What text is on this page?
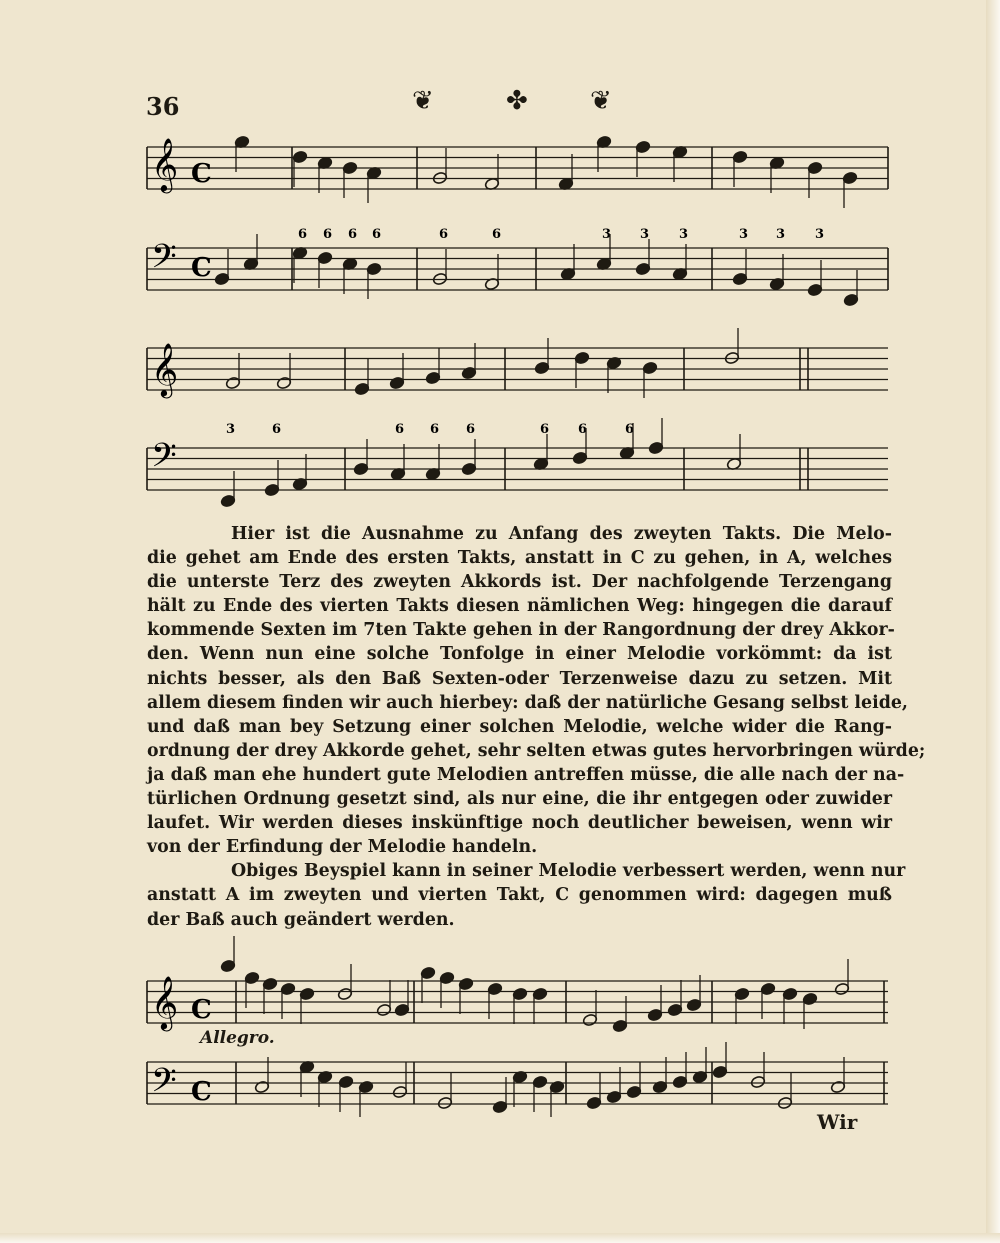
36	❦	✤ ❦
𝄞 C
𝄢 C
6 6 6 6	6	6	3 3 3	3 3 3
𝄞
𝄢
3	6	6 6 6	6 6	6
𝄞 C
𝄢 C

Hier ist die Ausnahme zu Anfang des zweyten Takts. Die Melo-
die gehet am Ende des ersten Takts, anstatt in C zu gehen, in A, welches
die unterste Terz des zweyten Akkords ist. Der nachfolgende Terzengang
hält zu Ende des vierten Takts diesen nämlichen Weg: hingegen die darauf
kommende Sexten im 7ten Takte gehen in der Rangordnung der drey Akkor-
den. Wenn nun eine solche Tonfolge in einer Melodie vorkömmt: da ist
nichts besser, als den Baß Sexten-oder Terzenweise dazu zu setzen. Mit
allem diesem finden wir auch hierbey: daß der natürliche Gesang selbst leide,
und daß man bey Setzung einer solchen Melodie, welche wider die Rang-
ordnung der drey Akkorde gehet, sehr selten etwas gutes hervorbringen würde;
ja daß man ehe hundert gute Melodien antreffen müsse, die alle nach der na-
türlichen Ordnung gesetzt sind, als nur eine, die ihr entgegen oder zuwider
laufet. Wir werden dieses inskünftige noch deutlicher beweisen, wenn wir
von der Erfindung der Melodie handeln.

Obiges Beyspiel kann in seiner Melodie verbessert werden, wenn nur
anstatt A im zweyten und vierten Takt, C genommen wird: dagegen muß
der Baß auch geändert werden.

Allegro.
Wir
